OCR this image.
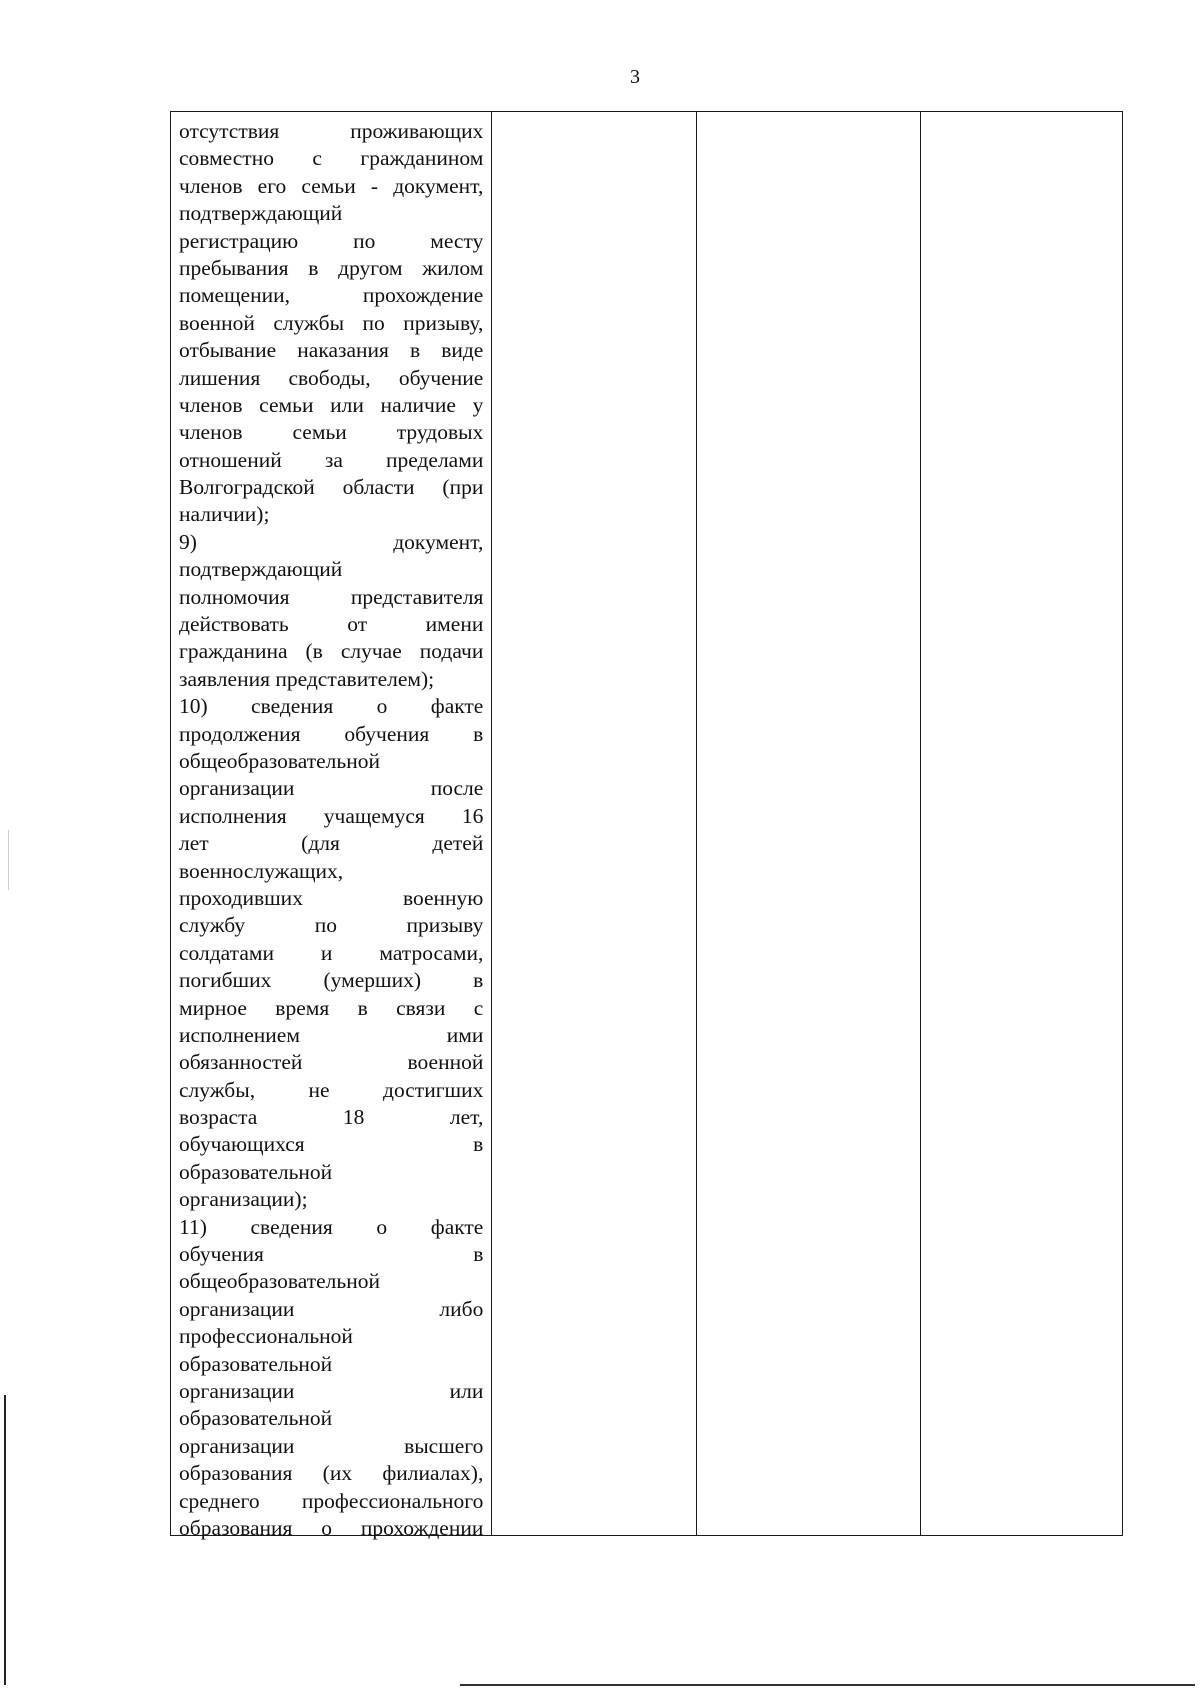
3
отсутствия проживающих
совместно с гражданином
членов его семьи - документ,
подтверждающий
регистрацию по месту
пребывания в другом жилом
помещении, прохождение
военной службы по призыву,
отбывание наказания в виде
лишения свободы, обучение
членов семьи или наличие у
членов семьи трудовых
отношений за пределами
Волгоградской области (при
наличии);
9) документ,
подтверждающий
полномочия представителя
действовать от имени
гражданина (в случае подачи
заявления представителем);
10) сведения о факте
продолжения обучения в
общеобразовательной
организации после
исполнения учащемуся 16
лет (для детей
военнослужащих,
проходивших военную
службу по призыву
солдатами и матросами,
погибших (умерших) в
мирное время в связи с
исполнением ими
обязанностей военной
службы, не достигших
возраста 18 лет,
обучающихся в
образовательной
организации);
11) сведения о факте
обучения в
общеобразовательной
организации либо
профессиональной
образовательной
организации или
образовательной
организации высшего
образования (их филиалах),
среднего профессионального
образования о прохождении
